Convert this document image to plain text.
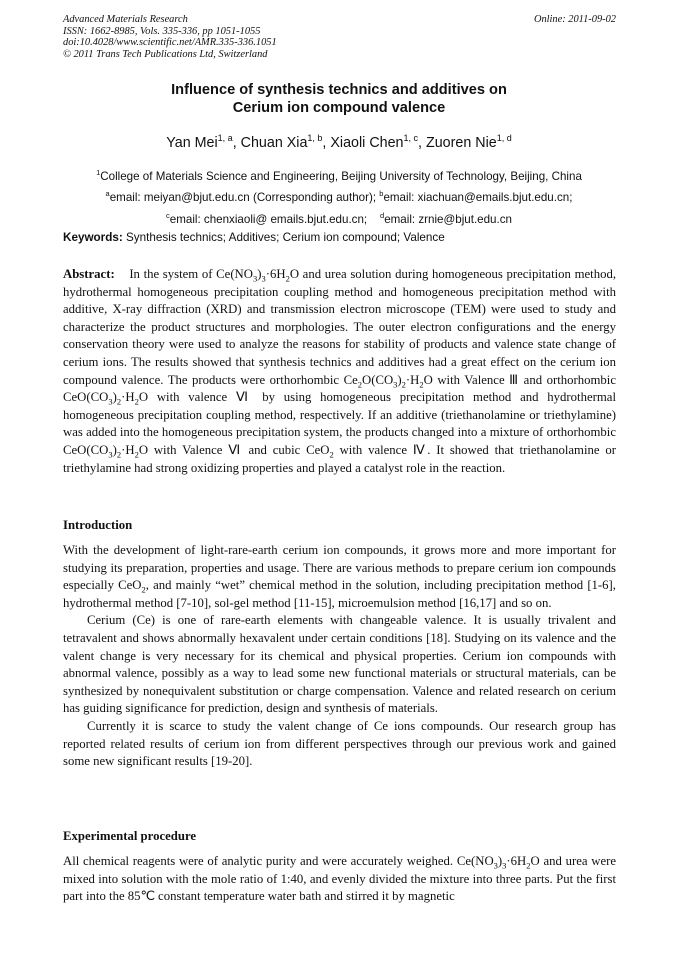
Advanced Materials Research
ISSN: 1662-8985, Vols. 335-336, pp 1051-1055
doi:10.4028/www.scientific.net/AMR.335-336.1051
© 2011 Trans Tech Publications Ltd, Switzerland
Online: 2011-09-02
Influence of synthesis technics and additives on
Cerium ion compound valence
Yan Mei$^{1, a}$, Chuan Xia$^{1, b}$, Xiaoli Chen$^{1, c}$, Zuoren Nie$^{1, d}$
$^1$College of Materials Science and Engineering, Beijing University of Technology, Beijing, China
$^a$email: meiyan@bjut.edu.cn (Corresponding author); $^b$email: xiachuan@emails.bjut.edu.cn;
$^c$email: chenxiaoli@ emails.bjut.edu.cn; $^d$email: zrnie@bjut.edu.cn
Keywords: Synthesis technics; Additives; Cerium ion compound; Valence
Abstract: In the system of $Ce(NO_3)_3\cdot 6H_2O$ and urea solution during homogeneous precipitation method, hydrothermal homogeneous precipitation coupling method and homogeneous precipitation method with additive, X-ray diffraction (XRD) and transmission electron microscope (TEM) were used to study and characterize the product structures and morphologies. The outer electron configurations and the energy conservation theory were used to analyze the reasons for stability of products and valence state change of cerium ions. The results showed that synthesis technics and additives had a great effect on the cerium ion compound valence. The products were orthorhombic $Ce_2O(CO_3)_2\cdot H_2O$ with Valence Ⅲ and orthorhombic $CeO(CO_3)_2\cdot H_2O$ with valence Ⅵ by using homogeneous precipitation method and hydrothermal homogeneous precipitation coupling method, respectively. If an additive (triethanolamine or triethylamine) was added into the homogeneous precipitation system, the products changed into a mixture of orthorhombic $CeO(CO_3)_2\cdot H_2O$ with Valence Ⅵ and cubic CeO$_2$ with valence Ⅳ. It showed that triethanolamine or triethylamine had strong oxidizing properties and played a catalyst role in the reaction.
Introduction

With the development of light-rare-earth cerium ion compounds, it grows more and more important for studying its preparation, properties and usage. There are various methods to prepare cerium ion compounds especially CeO$_2$, and mainly “wet” chemical method in the solution, including precipitation method [1-6], hydrothermal method [7-10], sol-gel method [11-15], microemulsion method [16,17] and so on.

Cerium (Ce) is one of rare-earth elements with changeable valence. It is usually trivalent and tetravalent and shows abnormally hexavalent under certain conditions [18]. Studying on its valence and the valent change is very necessary for its chemical and physical properties. Cerium ion compounds with abnormal valence, possibly as a way to lead some new functional materials or structural materials, can be synthesized by nonequivalent substitution or charge compensation. Valence and related research on cerium has guiding significance for prediction, design and synthesis of materials.

Currently it is scarce to study the valent change of Ce ions compounds. Our research group has reported related results of cerium ion from different perspectives through our previous work and gained some new significant results [19-20].

Experimental procedure

All chemical reagents were of analytic purity and were accurately weighed. $Ce(NO_3)_3\cdot 6H_2O$ and urea were mixed into solution with the mole ratio of 1:40, and evenly divided the mixture into three parts. Put the first part into the 85℃ constant temperature water bath and stirred it by magnetic
